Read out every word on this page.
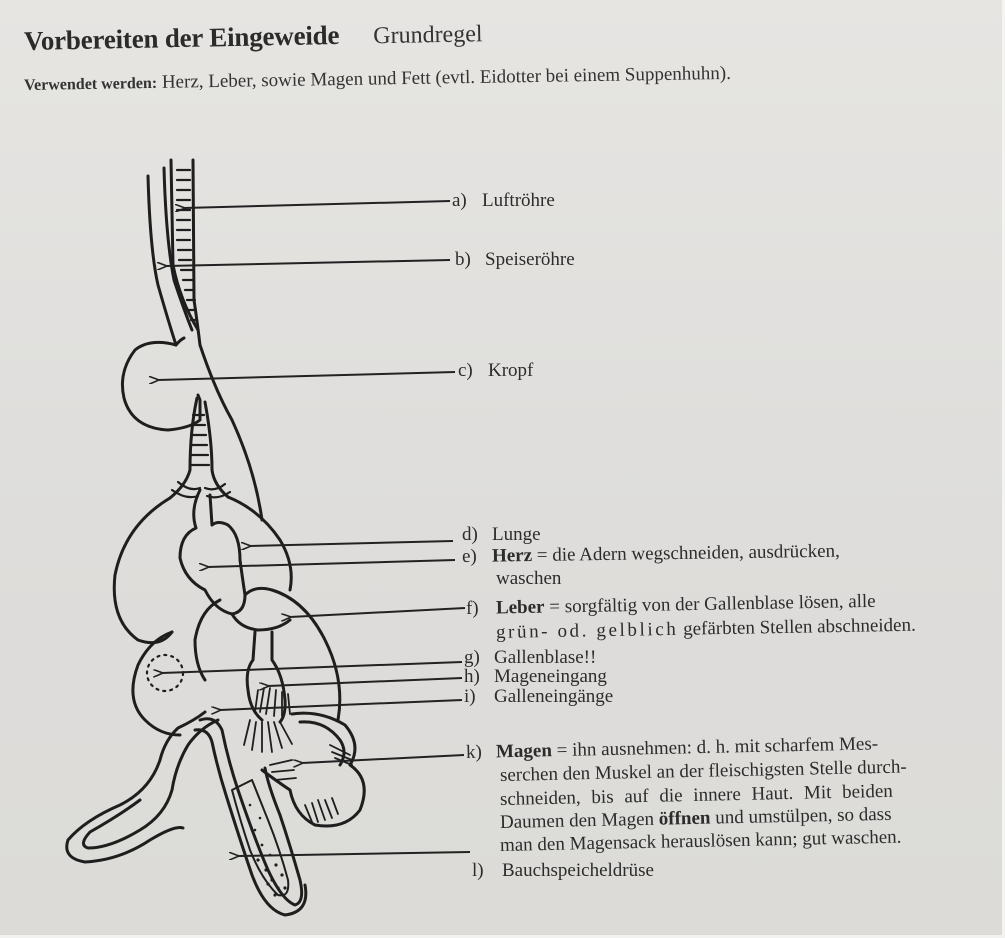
Vorbereiten der Eingeweide Grundregel
Verwendet werden: Herz, Leber, sowie Magen und Fett (evtl. Eidotter bei einem Suppenhuhn).
a) Luftröhre
b) Speiseröhre
c) Kropf
d) Lunge
e) Herz = die Adern wegschneiden, ausdrücken,
waschen
f) Leber = sorgfältig von der Gallenblase lösen, alle
grün- od. gelblich gefärbten Stellen abschneiden.
g) Gallenblase!!
h) Mageneingang
i) Galleneingänge
k) Magen = ihn ausnehmen: d. h. mit scharfem Mes-
serchen den Muskel an der fleischigsten Stelle durch-
schneiden, bis auf die innere Haut. Mit beiden
Daumen den Magen öffnen und umstülpen, so dass
man den Magensack herauslösen kann; gut waschen.
l) Bauchspeicheldrüse
